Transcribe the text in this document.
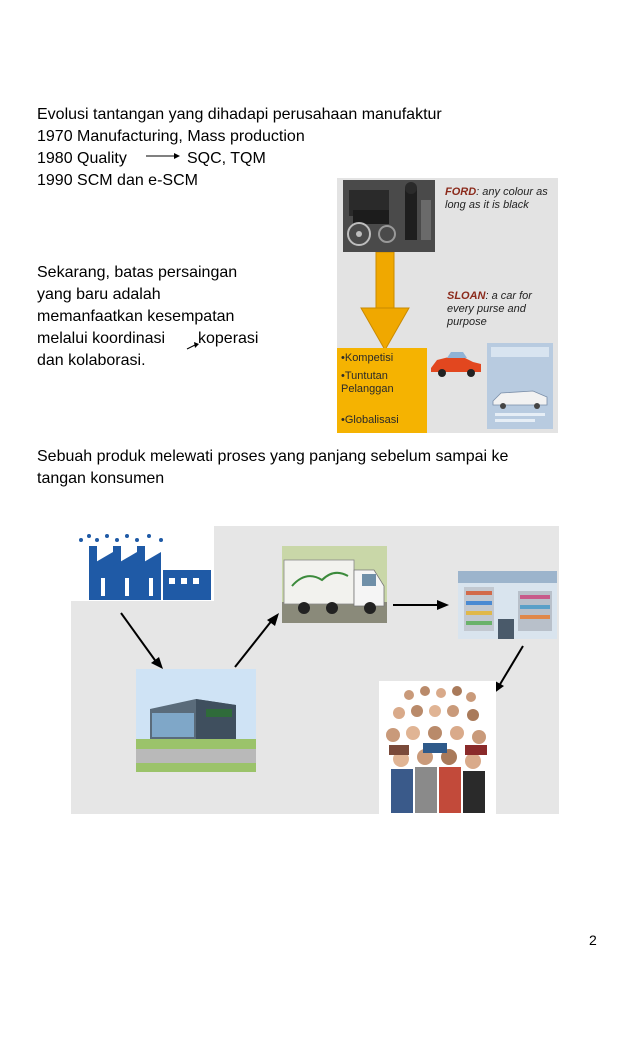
Evolusi tantangan yang dihadapi perusahaan manufaktur
1970 Manufacturing, Mass production
1980 Quality	SQC, TQM
1990 SCM dan e-SCM
Sekarang, batas persaingan
yang baru adalah
memanfaatkan kesempatan
melalui koordinasi koperasi
dan kolaborasi.
FORD: any colour as long as it is black
SLOAN: a car for every purse and purpose
•Kompetisi
•Tuntutan Pelanggan
•Globalisasi
Sebuah produk melewati proses yang panjang sebelum sampai ke
tangan konsumen
2
